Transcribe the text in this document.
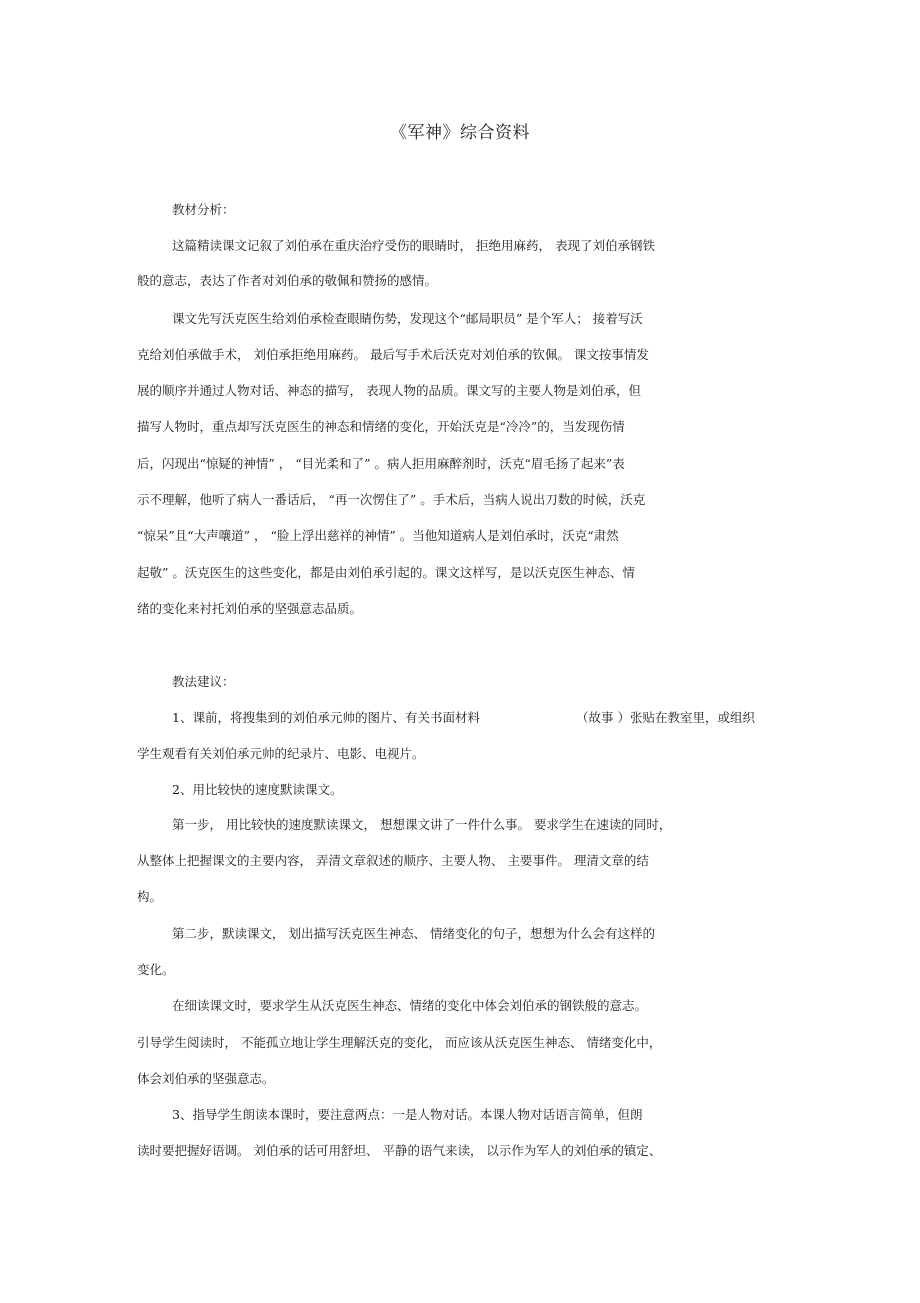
《军神》综合资料
教材分析：
这篇精读课文记叙了刘伯承在重庆治疗受伤的眼睛时， 拒绝用麻药， 表现了刘伯承钢铁
般的意志，表达了作者对刘伯承的敬佩和赞扬的感情。
课文先写沃克医生给刘伯承检查眼睛伤势，发现这个“邮局职员” 是个军人； 接着写沃
克给刘伯承做手术， 刘伯承拒绝用麻药。 最后写手术后沃克对刘伯承的钦佩。 课文按事情发
展的顺序并通过人物对话、神态的描写， 表现人物的品质。课文写的主要人物是刘伯承，但
描写人物时，重点却写沃克医生的神态和情绪的变化，开始沃克是“冷冷”的，当发现伤情
后，闪现出“惊疑的神情” ， “目光柔和了” 。病人拒用麻醉剂时，沃克“眉毛扬了起来”表
示不理解，他听了病人一番话后， “再一次愣住了” 。手术后，当病人说出刀数的时候，沃克
“惊呆”且“大声嚷道” ， “脸上浮出慈祥的神情” 。当他知道病人是刘伯承时，沃克“肃然
起敬” 。沃克医生的这些变化，都是由刘伯承引起的。课文这样写，是以沃克医生神态、情
绪的变化来衬托刘伯承的坚强意志品质。
教法建议：
1、课前，将搜集到的刘伯承元帅的图片、有关书面材料	（故事 ）张贴在教室里，或组织
学生观看有关刘伯承元帅的纪录片、电影、电视片。
2、用比较快的速度默读课文。
第一步， 用比较快的速度默读课文， 想想课文讲了一件什么事。 要求学生在速读的同时，
从整体上把握课文的主要内容， 弄清文章叙述的顺序、主要人物、 主要事件。 理清文章的结
构。
第二步，默读课文， 划出描写沃克医生神态、 情绪变化的句子，想想为什么会有这样的
变化。
在细读课文时，要求学生从沃克医生神态、情绪的变化中体会刘伯承的钢铁般的意志。
引导学生阅读时， 不能孤立地让学生理解沃克的变化， 而应该从沃克医生神态、 情绪变化中，
体会刘伯承的坚强意志。
3、指导学生朗读本课时，要注意两点：一是人物对话。本课人物对话语言简单，但朗
读时要把握好语调。 刘伯承的话可用舒坦、 平静的语气来读， 以示作为军人的刘伯承的镇定、
